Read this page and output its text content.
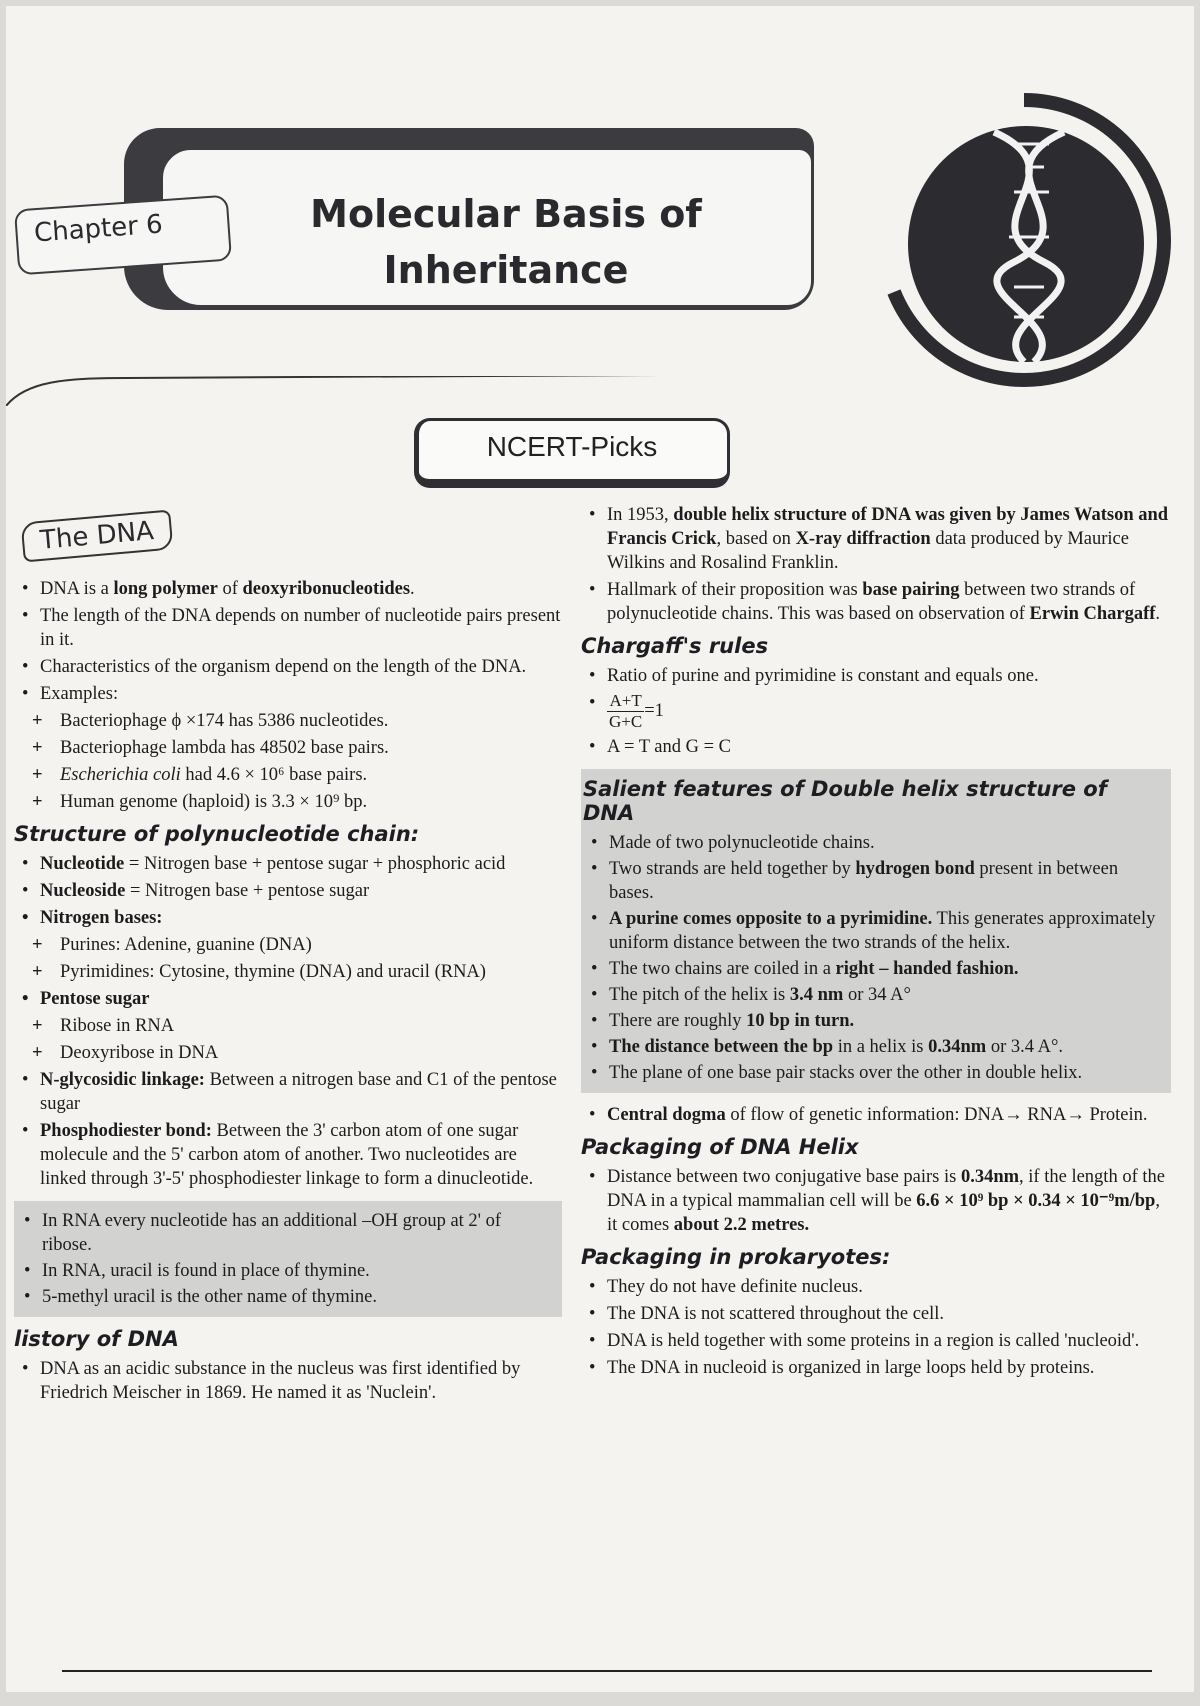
Molecular Basis of Inheritance
Chapter 6
NCERT-Picks
The DNA
• DNA is a long polymer of deoxyribonucleotides.
• The length of the DNA depends on number of nucleotide pairs present in it.
• Characteristics of the organism depend on the length of the DNA.
• Examples:
+ Bacteriophage ϕ ×174 has 5386 nucleotides.
+ Bacteriophage lambda has 48502 base pairs.
+ Escherichia coli had 4.6 × 10⁶ base pairs.
+ Human genome (haploid) is 3.3 × 10⁹ bp.
Structure of polynucleotide chain:
• Nucleotide = Nitrogen base + pentose sugar + phosphoric acid
• Nucleoside = Nitrogen base + pentose sugar
• Nitrogen bases:
+ Purines: Adenine, guanine (DNA)
+ Pyrimidines: Cytosine, thymine (DNA) and uracil (RNA)
• Pentose sugar
+ Ribose in RNA
+ Deoxyribose in DNA
• N-glycosidic linkage: Between a nitrogen base and C1 of the pentose sugar
• Phosphodiester bond: Between the 3' carbon atom of one sugar molecule and the 5' carbon atom of another. Two nucleotides are linked through 3'-5' phosphodiester linkage to form a dinucleotide.
• In RNA every nucleotide has an additional –OH group at 2' of ribose.
• In RNA, uracil is found in place of thymine.
• 5-methyl uracil is the other name of thymine.
listory of DNA
• DNA as an acidic substance in the nucleus was first identified by Friedrich Meischer in 1869. He named it as 'Nuclein'.
• In 1953, double helix structure of DNA was given by James Watson and Francis Crick, based on X-ray diffraction data produced by Maurice Wilkins and Rosalind Franklin.
• Hallmark of their proposition was base pairing between two strands of polynucleotide chains. This was based on observation of Erwin Chargaff.
Chargaff's rules
• Ratio of purine and pyrimidine is constant and equals one.
• $\frac{A+T}{G+C} =1$
• A = T and G = C
Salient features of Double helix structure of DNA
• Made of two polynucleotide chains.
• Two strands are held together by hydrogen bond present in between bases.
• A purine comes opposite to a pyrimidine. This generates approximately uniform distance between the two strands of the helix.
• The two chains are coiled in a right – handed fashion.
• The pitch of the helix is 3.4 nm or 34 A°
• There are roughly 10 bp in turn.
• The distance between the bp in a helix is 0.34nm or 3.4 A°.
• The plane of one base pair stacks over the other in double helix.
• Central dogma of flow of genetic information: DNA→ RNA→ Protein.
Packaging of DNA Helix
• Distance between two conjugative base pairs is 0.34nm, if the length of the DNA in a typical mammalian cell will be 6.6 × 10⁹ bp × 0.34 × 10⁻⁹m/bp, it comes about 2.2 metres.
Packaging in prokaryotes:
• They do not have definite nucleus.
• The DNA is not scattered throughout the cell.
• DNA is held together with some proteins in a region is called 'nucleoid'.
• The DNA in nucleoid is organized in large loops held by proteins.
